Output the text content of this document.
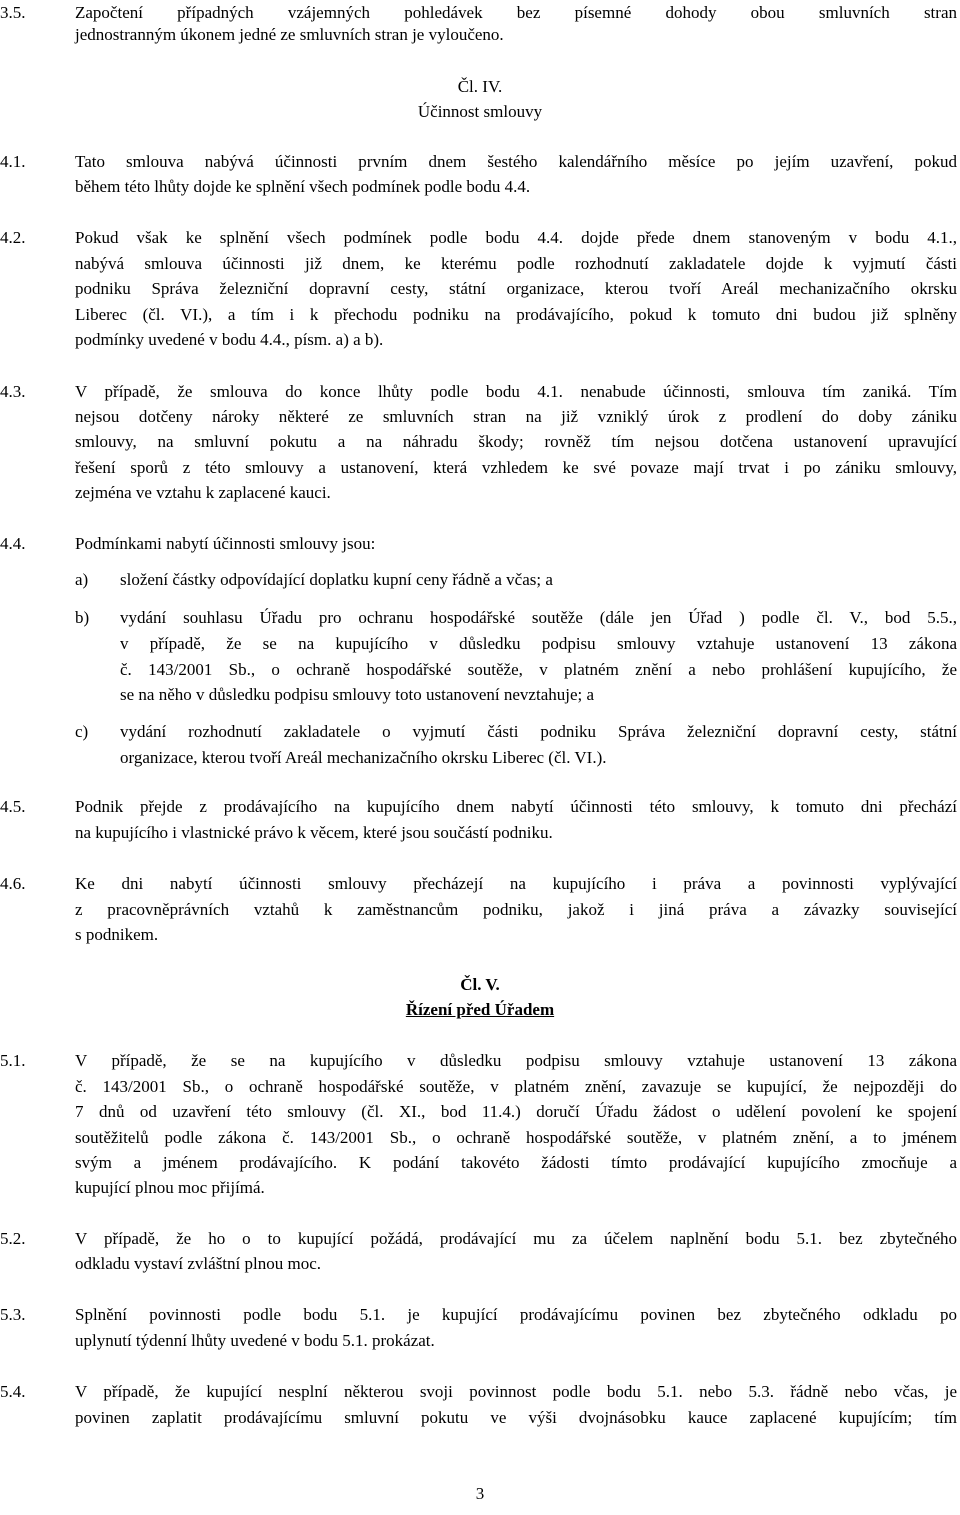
3.5.	Započtení případných vzájemných pohledávek bez písemné dohody obou smluvních stran
jednostranným úkonem jedné ze smluvních stran je vyloučeno.
Čl. IV.
Účinnost smlouvy
4.1.	Tato smlouva nabývá účinnosti prvním dnem šestého kalendářního měsíce po jejím uzavření, pokud
během této lhůty dojde ke splnění všech podmínek podle bodu 4.4.
4.2.	Pokud však ke splnění všech podmínek podle bodu 4.4. dojde přede dnem stanoveným v bodu 4.1.,
nabývá smlouva účinnosti již dnem, ke kterému podle rozhodnutí zakladatele dojde k vyjmutí části
podniku Správa železniční dopravní cesty, státní organizace, kterou tvoří Areál mechanizačního okrsku
Liberec (čl. VI.), a tím i k přechodu podniku na prodávajícího, pokud k tomuto dni budou již splněny
podmínky uvedené v bodu 4.4., písm. a) a b).
4.3.	V případě, že smlouva do konce lhůty podle bodu 4.1. nenabude účinnosti, smlouva tím zaniká. Tím
nejsou dotčeny nároky některé ze smluvních stran na již vzniklý úrok z prodlení do doby zániku
smlouvy, na smluvní pokutu a na náhradu škody; rovněž tím nejsou dotčena ustanovení upravující
řešení sporů z této smlouvy a ustanovení, která vzhledem ke své povaze mají trvat i po zániku smlouvy,
zejména ve vztahu k zaplacené kauci.
4.4.	Podmínkami nabytí účinnosti smlouvy jsou:
a) složení částky odpovídající doplatku kupní ceny řádně a včas; a
b) vydání souhlasu Úřadu pro ochranu hospodářské soutěže (dále jen Úřad ) podle čl. V., bod 5.5.,
v případě, že se na kupujícího v důsledku podpisu smlouvy vztahuje ustanovení 13 zákona
č. 143/2001 Sb., o ochraně hospodářské soutěže, v platném znění a nebo prohlášení kupujícího, že
se na něho v důsledku podpisu smlouvy toto ustanovení nevztahuje; a
c) vydání rozhodnutí zakladatele o vyjmutí části podniku Správa železniční dopravní cesty, státní
organizace, kterou tvoří Areál mechanizačního okrsku Liberec (čl. VI.).
4.5.	Podnik přejde z prodávajícího na kupujícího dnem nabytí účinnosti této smlouvy, k tomuto dni přechází
na kupujícího i vlastnické právo k věcem, které jsou součástí podniku.
4.6.	Ke dni nabytí účinnosti smlouvy přecházejí na kupujícího i práva a povinnosti vyplývající
z pracovněprávních vztahů k zaměstnancům podniku, jakož i jiná práva a závazky související
s podnikem.
Čl. V.
Řízení před Úřadem
5.1.	V případě, že se na kupujícího v důsledku podpisu smlouvy vztahuje ustanovení 13 zákona
č. 143/2001 Sb., o ochraně hospodářské soutěže, v platném znění, zavazuje se kupující, že nejpozději do
7 dnů od uzavření této smlouvy (čl. XI., bod 11.4.) doručí Úřadu žádost o udělení povolení ke spojení
soutěžitelů podle zákona č. 143/2001 Sb., o ochraně hospodářské soutěže, v platném znění, a to jménem
svým a jménem prodávajícího. K podání takovéto žádosti tímto prodávající kupujícího zmocňuje a
kupující plnou moc přijímá.
5.2.	V případě, že ho o to kupující požádá, prodávající mu za účelem naplnění bodu 5.1. bez zbytečného
odkladu vystaví zvláštní plnou moc.
5.3.	Splnění povinnosti podle bodu 5.1. je kupující prodávajícímu povinen bez zbytečného odkladu po
uplynutí týdenní lhůty uvedené v bodu 5.1. prokázat.
5.4.	V případě, že kupující nesplní některou svoji povinnost podle bodu 5.1. nebo 5.3. řádně nebo včas, je
povinen zaplatit prodávajícímu smluvní pokutu ve výši dvojnásobku kauce zaplacené kupujícím; tím
3
